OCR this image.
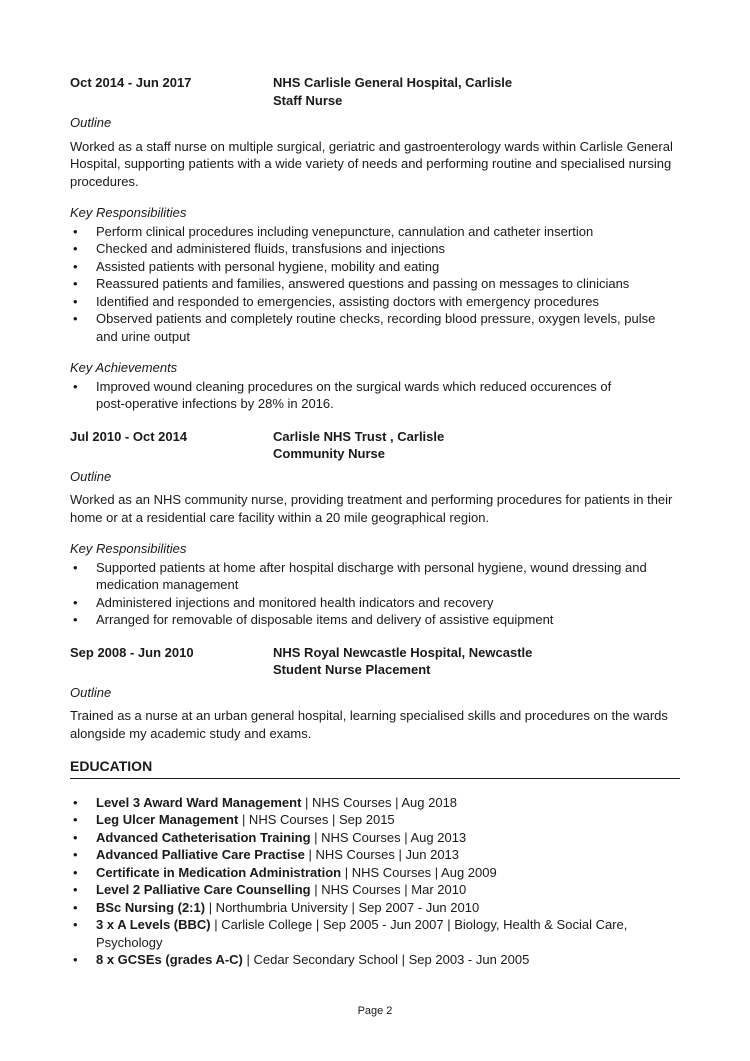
Oct 2014 - Jun 2017	NHS Carlisle General Hospital, Carlisle
Staff Nurse
Outline
Worked as a staff nurse on multiple surgical, geriatric and gastroenterology wards within Carlisle General Hospital, supporting patients with a wide variety of needs and performing routine and specialised nursing procedures.
Key Responsibilities
• Perform clinical procedures including venepuncture, cannulation and catheter insertion
• Checked and administered fluids, transfusions and injections
• Assisted patients with personal hygiene, mobility and eating
• Reassured patients and families, answered questions and passing on messages to clinicians
• Identified and responded to emergencies, assisting doctors with emergency procedures
• Observed patients and completely routine checks, recording blood pressure, oxygen levels, pulse and urine output
Key Achievements
• Improved wound cleaning procedures on the surgical wards which reduced occurences of post-operative infections by 28% in 2016.
Jul 2010 - Oct 2014	Carlisle NHS Trust , Carlisle
Community Nurse
Outline
Worked as an NHS community nurse, providing treatment and performing procedures for patients in their home or at a residential care facility within a 20 mile geographical region.
Key Responsibilities
• Supported patients at home after hospital discharge with personal hygiene, wound dressing and medication management
• Administered injections and monitored health indicators and recovery
• Arranged for removable of disposable items and delivery of assistive equipment
Sep 2008 - Jun 2010	NHS Royal Newcastle Hospital, Newcastle
Student Nurse Placement
Outline
Trained as a nurse at an urban general hospital, learning specialised skills and procedures on the wards alongside my academic study and exams.
EDUCATION
• Level 3 Award Ward Management | NHS Courses | Aug 2018
• Leg Ulcer Management | NHS Courses | Sep 2015
• Advanced Catheterisation Training | NHS Courses | Aug 2013
• Advanced Palliative Care Practise | NHS Courses | Jun 2013
• Certificate in Medication Administration | NHS Courses | Aug 2009
• Level 2 Palliative Care Counselling | NHS Courses | Mar 2010
• BSc Nursing (2:1) | Northumbria University | Sep 2007 - Jun 2010
• 3 x A Levels (BBC) | Carlisle College | Sep 2005 - Jun 2007 | Biology, Health & Social Care, Psychology
• 8 x GCSEs (grades A-C) | Cedar Secondary School | Sep 2003 - Jun 2005
Page 2
